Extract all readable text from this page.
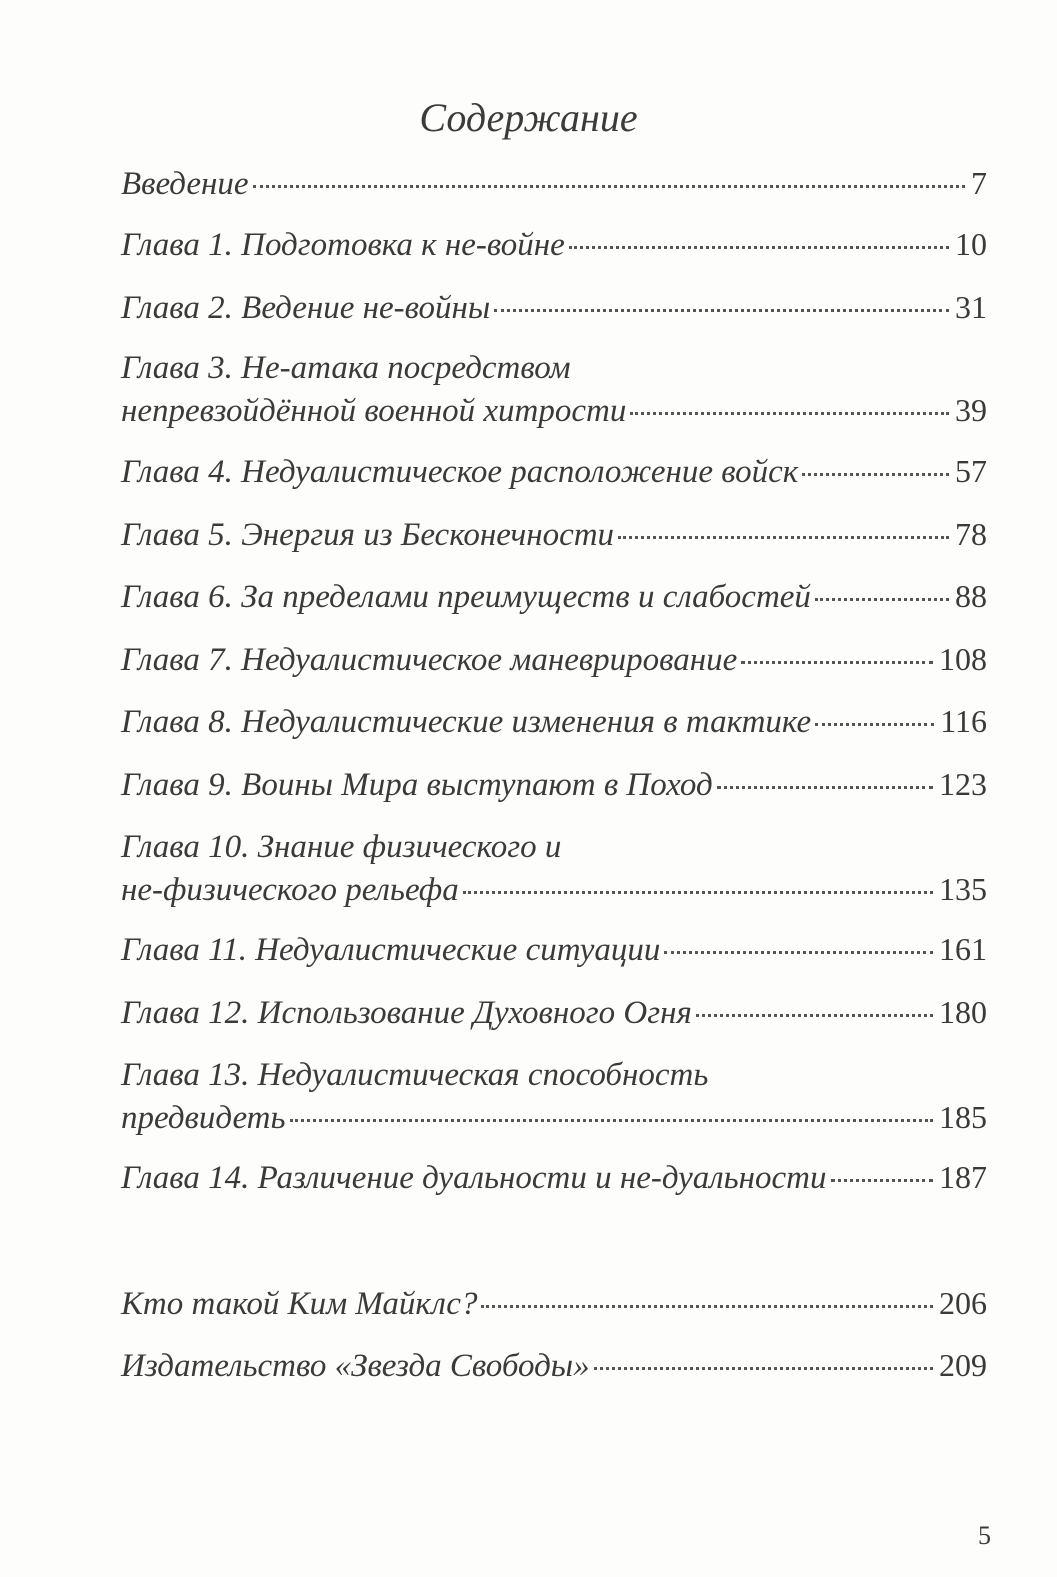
Содержание
Введение	7
Глава 1. Подготовка к не-войне	10
Глава 2. Ведение не-войны	31
Глава 3. Не-атака посредством
непревзойдённой военной хитрости	39
Глава 4. Недуалистическое расположение войск	57
Глава 5. Энергия из Бесконечности	78
Глава 6. За пределами преимуществ и слабостей	88
Глава 7. Недуалистическое маневрирование	108
Глава 8. Недуалистические изменения в тактике	116
Глава 9. Воины Мира выступают в Поход	123
Глава 10. Знание физического и
не-физического рельефа	135
Глава 11. Недуалистические ситуации	161
Глава 12. Использование Духовного Огня	180
Глава 13. Недуалистическая способность
предвидеть	185
Глава 14. Различение дуальности и не-дуальности	187
Кто такой Ким Майклс?	206
Издательство «Звезда Свободы»	209
5
